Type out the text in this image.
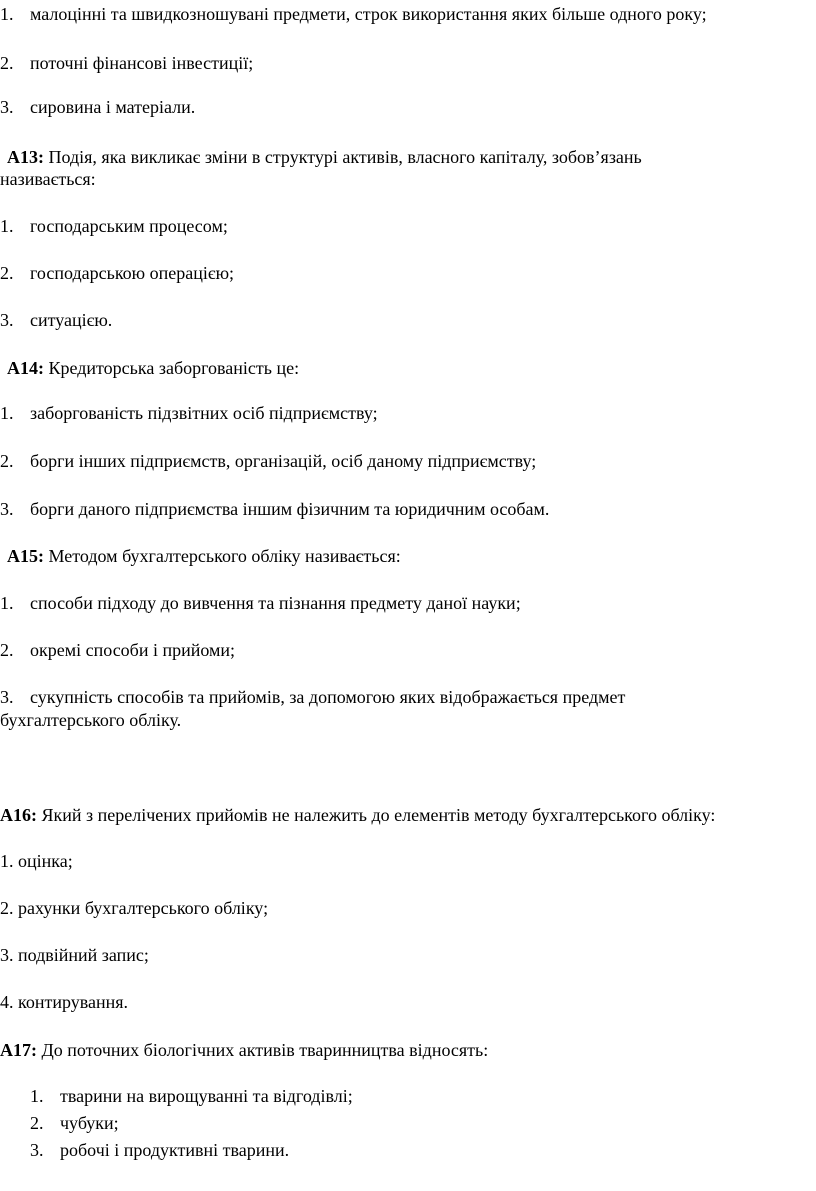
1. малоцінні та швидкозношувані предмети, строк використання яких більше одного року;
2. поточні фінансові інвестиції;
3. сировина і матеріали.
А13: Подія, яка викликає зміни в структурі активів, власного капіталу, зобов’язань
називається:
1. господарським процесом;
2. господарською операцією;
3. ситуацією.
А14: Кредиторська заборгованість це:
1. заборгованість підзвітних осіб підприємству;
2. борги інших підприємств, організацій, осіб даному підприємству;
3. борги даного підприємства іншим фізичним та юридичним особам.
А15: Методом бухгалтерського обліку називається:
1. способи підходу до вивчення та пізнання предмету даної науки;
2. окремі способи і прийоми;
3. сукупність способів та прийомів, за допомогою яких відображається предмет
бухгалтерського обліку.
А16: Який з перелічених прийомів не належить до елементів методу бухгалтерського обліку:
1. оцінка;
2. рахунки бухгалтерського обліку;
3. подвійний запис;
4. контирування.
А17: До поточних біологічних активів тваринництва відносять:
1. тварини на вирощуванні та відгодівлі;
2. чубуки;
3. робочі і продуктивні тварини.
